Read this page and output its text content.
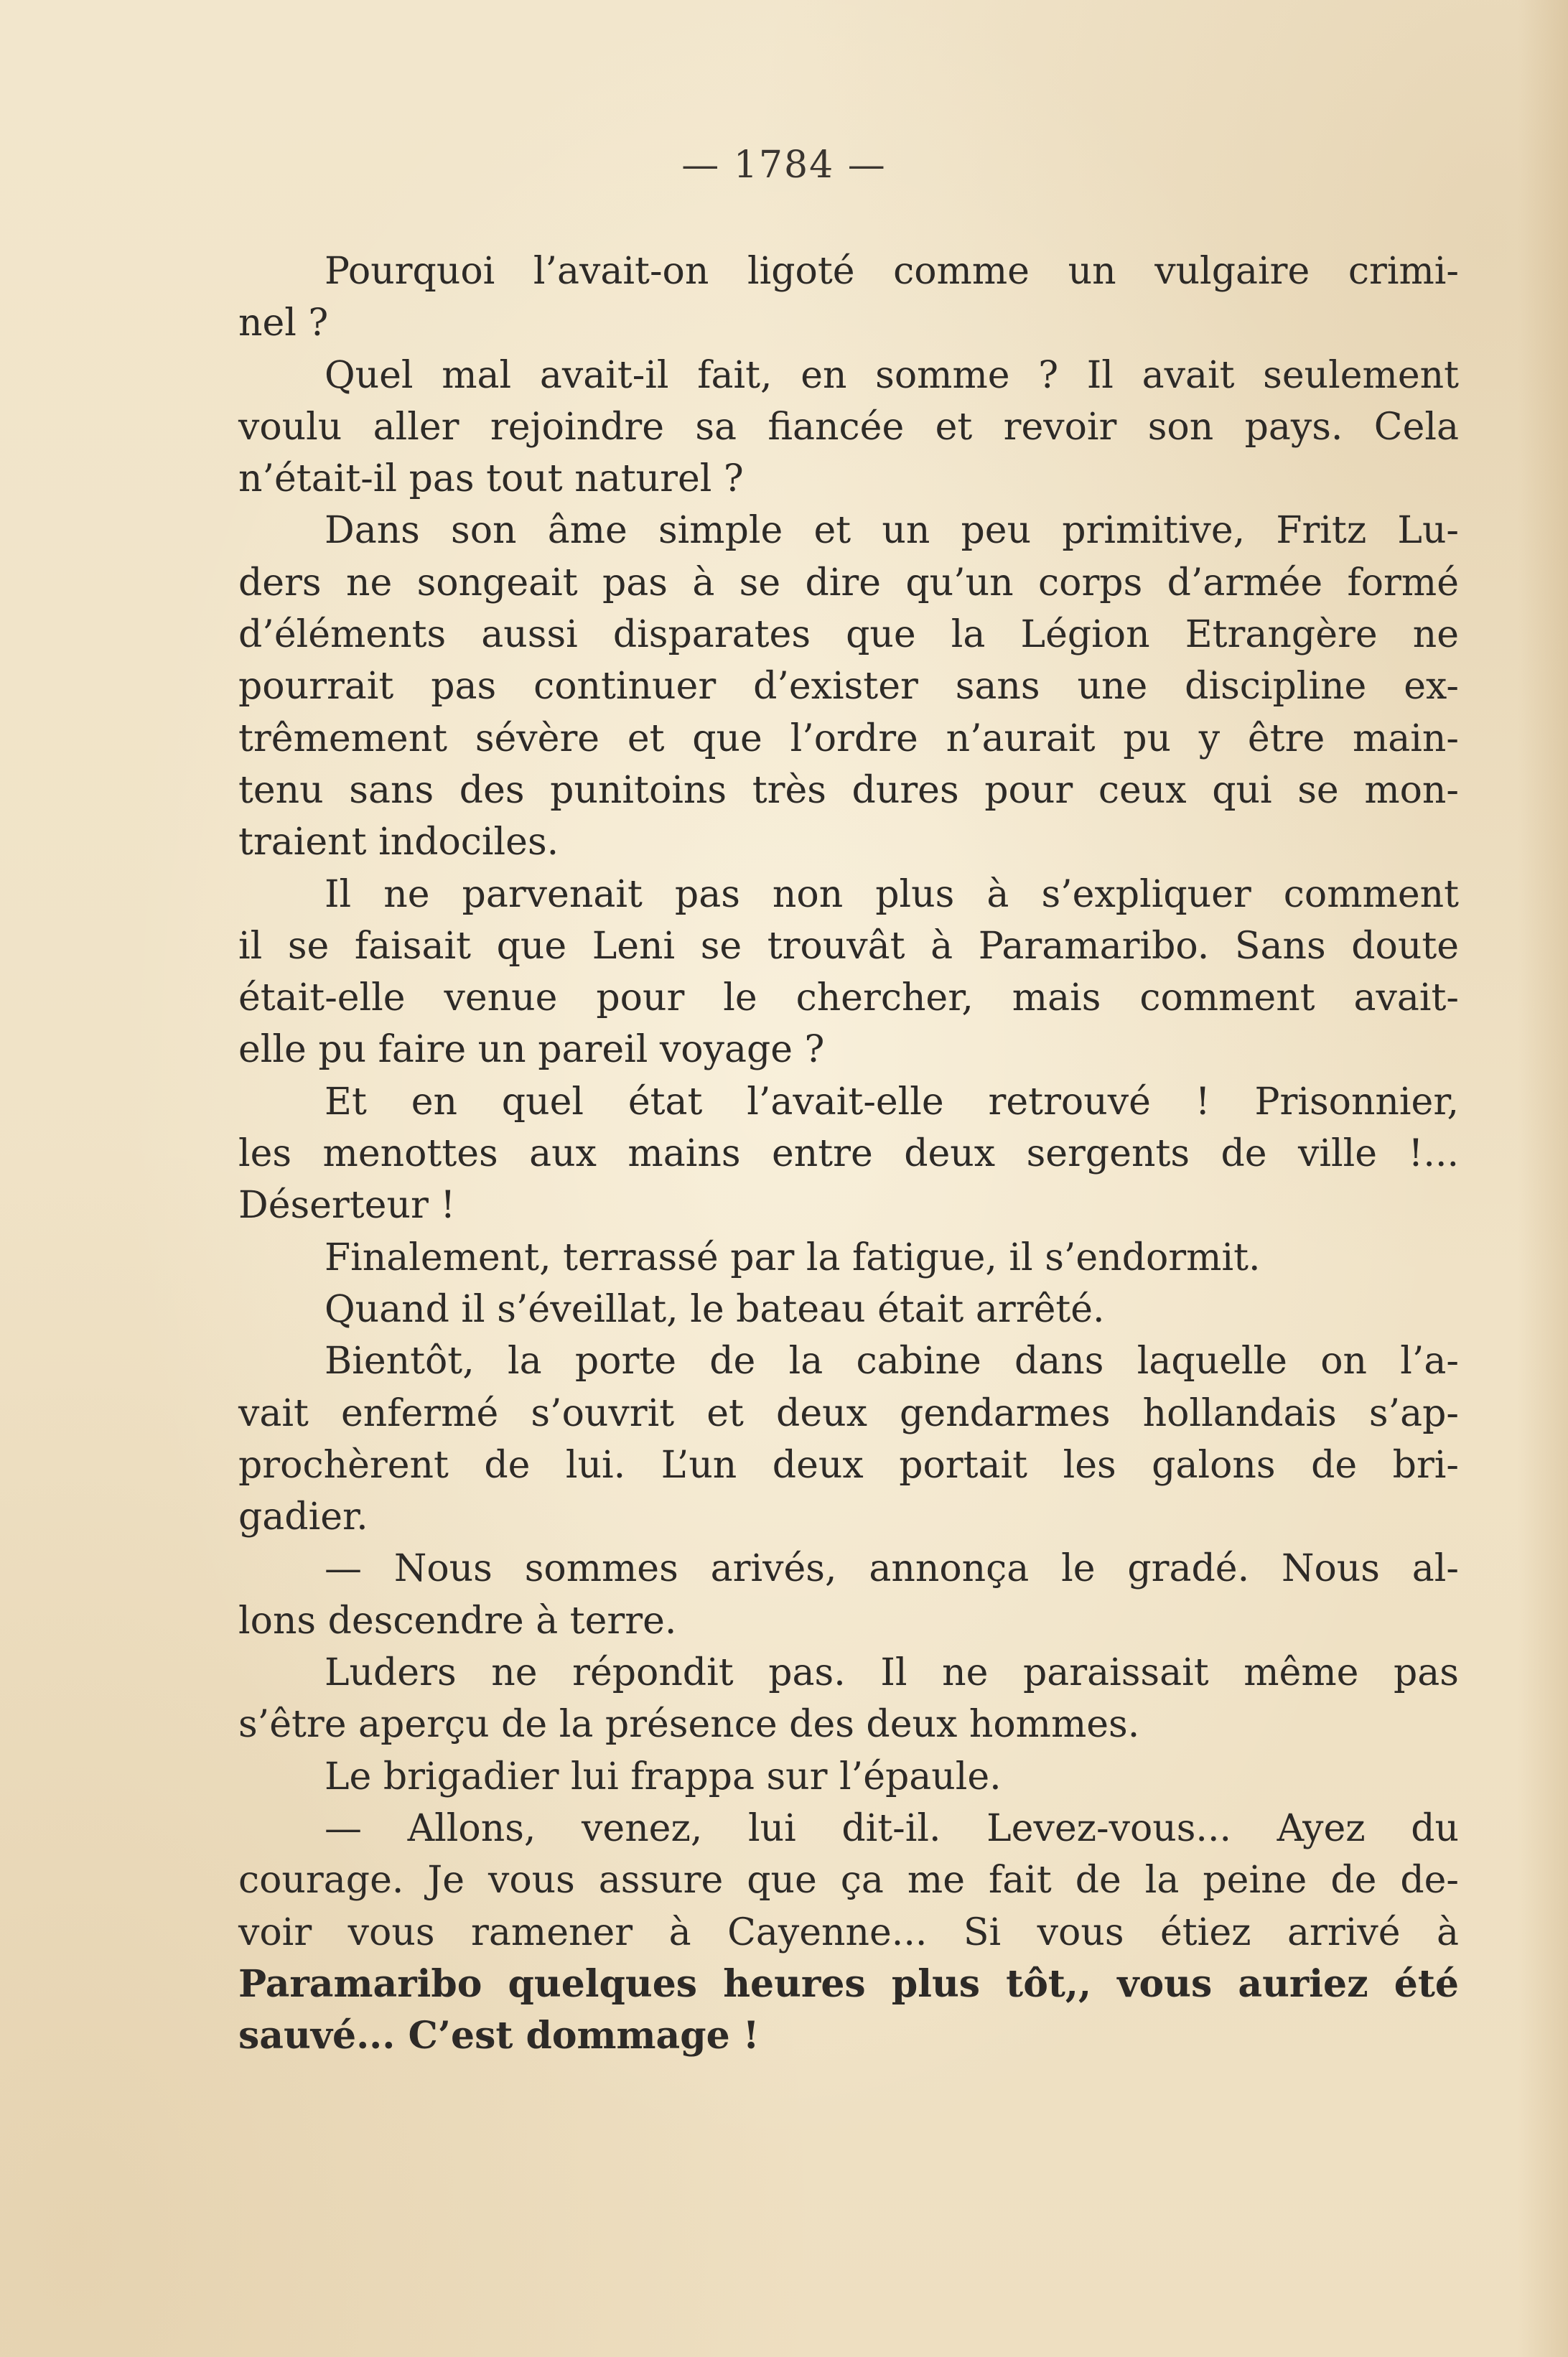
— 1784 —
Pourquoi l’avait-on ligoté comme un vulgaire crimi-
nel ?
Quel mal avait-il fait, en somme ? Il avait seulement
voulu aller rejoindre sa fiancée et revoir son pays. Cela
n’était-il pas tout naturel ?
Dans son âme simple et un peu primitive, Fritz Lu-
ders ne songeait pas à se dire qu’un corps d’armée formé
d’éléments aussi disparates que la Légion Etrangère ne
pourrait pas continuer d’exister sans une discipline ex-
trêmement sévère et que l’ordre n’aurait pu y être main-
tenu sans des punitoins très dures pour ceux qui se mon-
traient indociles.
Il ne parvenait pas non plus à s’expliquer comment
il se faisait que Leni se trouvât à Paramaribo. Sans doute
était-elle venue pour le chercher, mais comment avait-
elle pu faire un pareil voyage ?
Et en quel état l’avait-elle retrouvé ! Prisonnier,
les menottes aux mains entre deux sergents de ville !...
Déserteur !
Finalement, terrassé par la fatigue, il s’endormit.
Quand il s’éveillat, le bateau était arrêté.
Bientôt, la porte de la cabine dans laquelle on l’a-
vait enfermé s’ouvrit et deux gendarmes hollandais s’ap-
prochèrent de lui. L’un deux portait les galons de bri-
gadier.
— Nous sommes arivés, annonça le gradé. Nous al-
lons descendre à terre.
Luders ne répondit pas. Il ne paraissait même pas
s’être aperçu de la présence des deux hommes.
Le brigadier lui frappa sur l’épaule.
— Allons, venez, lui dit-il. Levez-vous... Ayez du
courage. Je vous assure que ça me fait de la peine de de-
voir vous ramener à Cayenne... Si vous étiez arrivé à
Paramaribo quelques heures plus tôt,, vous auriez été
sauvé... C’est dommage !
